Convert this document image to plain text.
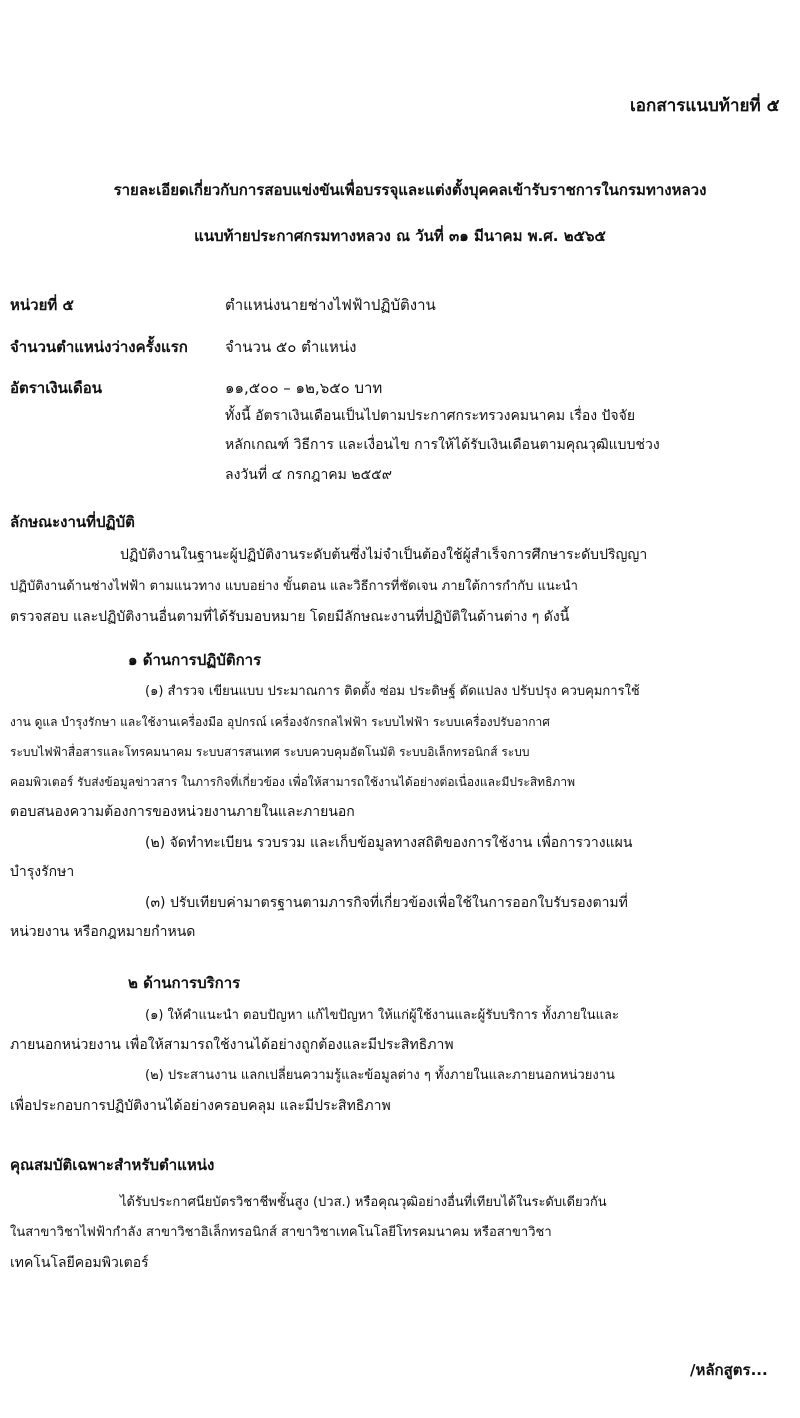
เอกสารแนบท้ายที่ ๕
รายละเอียดเกี่ยวกับการสอบแข่งขันเพื่อบรรจุและแต่งตั้งบุคคลเข้ารับราชการในกรมทางหลวง
แนบท้ายประกาศกรมทางหลวง ณ วันที่ ๓๑ มีนาคม พ.ศ. ๒๕๖๕
หน่วยที่ ๕	ตำแหน่งนายช่างไฟฟ้าปฏิบัติงาน
จำนวนตำแหน่งว่างครั้งแรก จำนวน ๕๐ ตำแหน่ง
อัตราเงินเดือน	๑๑,๕๐๐ – ๑๒,๖๕๐ บาท
ทั้งนี้ อัตราเงินเดือนเป็นไปตามประกาศกระทรวงคมนาคม เรื่อง ปัจจัย
หลักเกณฑ์ วิธีการ และเงื่อนไข การให้ได้รับเงินเดือนตามคุณวุฒิแบบช่วง
ลงวันที่ ๔ กรกฎาคม ๒๕๕๙
ลักษณะงานที่ปฏิบัติ
ปฏิบัติงานในฐานะผู้ปฏิบัติงานระดับต้นซึ่งไม่จำเป็นต้องใช้ผู้สำเร็จการศึกษาระดับปริญญา
ปฏิบัติงานด้านช่างไฟฟ้า ตามแนวทาง แบบอย่าง ขั้นตอน และวิธีการที่ชัดเจน ภายใต้การกำกับ แนะนำ
ตรวจสอบ และปฏิบัติงานอื่นตามที่ได้รับมอบหมาย โดยมีลักษณะงานที่ปฏิบัติในด้านต่าง ๆ ดังนี้
๑ ด้านการปฏิบัติการ
(๑) สำรวจ เขียนแบบ ประมาณการ ติดตั้ง ซ่อม ประดิษฐ์ ดัดแปลง ปรับปรุง ควบคุมการใช้
งาน ดูแล บำรุงรักษา และใช้งานเครื่องมือ อุปกรณ์ เครื่องจักรกลไฟฟ้า ระบบไฟฟ้า ระบบเครื่องปรับอากาศ
ระบบไฟฟ้าสื่อสารและโทรคมนาคม ระบบสารสนเทศ ระบบควบคุมอัตโนมัติ ระบบอิเล็กทรอนิกส์ ระบบ
คอมพิวเตอร์ รับส่งข้อมูลข่าวสาร ในภารกิจที่เกี่ยวข้อง เพื่อให้สามารถใช้งานได้อย่างต่อเนื่องและมีประสิทธิภาพ
ตอบสนองความต้องการของหน่วยงานภายในและภายนอก
(๒) จัดทำทะเบียน รวบรวม และเก็บข้อมูลทางสถิติของการใช้งาน เพื่อการวางแผน
บำรุงรักษา
(๓) ปรับเทียบค่ามาตรฐานตามภารกิจที่เกี่ยวข้องเพื่อใช้ในการออกใบรับรองตามที่
หน่วยงาน หรือกฎหมายกำหนด
๒ ด้านการบริการ
(๑) ให้คำแนะนำ ตอบปัญหา แก้ไขปัญหา ให้แก่ผู้ใช้งานและผู้รับบริการ ทั้งภายในและ
ภายนอกหน่วยงาน เพื่อให้สามารถใช้งานได้อย่างถูกต้องและมีประสิทธิภาพ
(๒) ประสานงาน แลกเปลี่ยนความรู้และข้อมูลต่าง ๆ ทั้งภายในและภายนอกหน่วยงาน
เพื่อประกอบการปฏิบัติงานได้อย่างครอบคลุม และมีประสิทธิภาพ
คุณสมบัติเฉพาะสำหรับตำแหน่ง
ได้รับประกาศนียบัตรวิชาชีพชั้นสูง (ปวส.) หรือคุณวุฒิอย่างอื่นที่เทียบได้ในระดับเดียวกัน
ในสาขาวิชาไฟฟ้ากำลัง สาขาวิชาอิเล็กทรอนิกส์ สาขาวิชาเทคโนโลยีโทรคมนาคม หรือสาขาวิชา
เทคโนโลยีคอมพิวเตอร์
/หลักสูตร...
